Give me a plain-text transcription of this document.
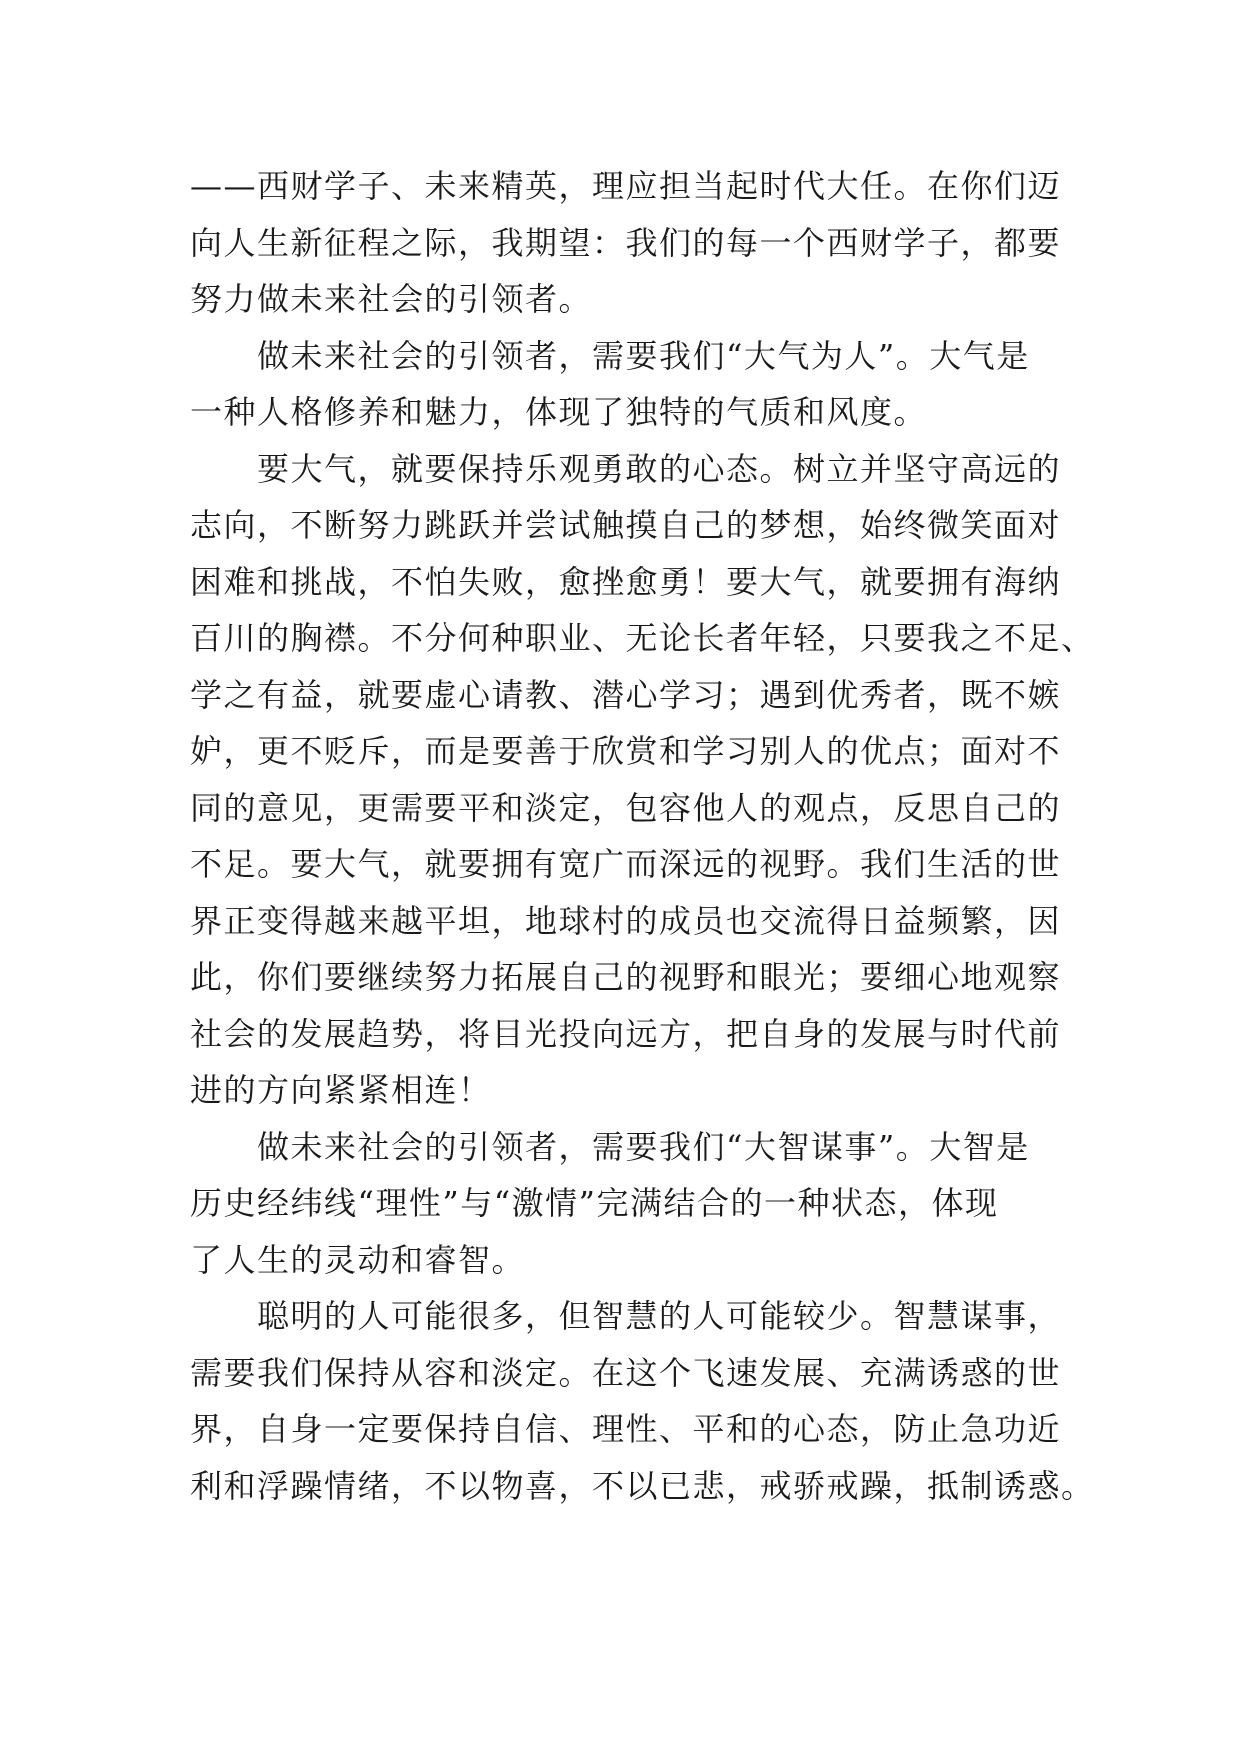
——西财学子、未来精英，理应担当起时代大任。在你们迈
向人生新征程之际，我期望：我们的每一个西财学子，都要
努力做未来社会的引领者。
做未来社会的引领者，需要我们“大气为人”。大气是
一种人格修养和魅力，体现了独特的气质和风度。
要大气，就要保持乐观勇敢的心态。树立并坚守高远的
志向，不断努力跳跃并尝试触摸自己的梦想，始终微笑面对
困难和挑战，不怕失败，愈挫愈勇！要大气，就要拥有海纳
百川的胸襟。不分何种职业、无论长者年轻，只要我之不足、
学之有益，就要虚心请教、潜心学习；遇到优秀者，既不嫉
妒，更不贬斥，而是要善于欣赏和学习别人的优点；面对不
同的意见，更需要平和淡定，包容他人的观点，反思自己的
不足。要大气，就要拥有宽广而深远的视野。我们生活的世
界正变得越来越平坦，地球村的成员也交流得日益频繁，因
此，你们要继续努力拓展自己的视野和眼光；要细心地观察
社会的发展趋势，将目光投向远方，把自身的发展与时代前
进的方向紧紧相连！
做未来社会的引领者，需要我们“大智谋事”。大智是
历史经纬线“理性”与“激情”完满结合的一种状态，体现
了人生的灵动和睿智。
聪明的人可能很多，但智慧的人可能较少。智慧谋事，
需要我们保持从容和淡定。在这个飞速发展、充满诱惑的世
界，自身一定要保持自信、理性、平和的心态，防止急功近
利和浮躁情绪，不以物喜，不以已悲，戒骄戒躁，抵制诱惑。
